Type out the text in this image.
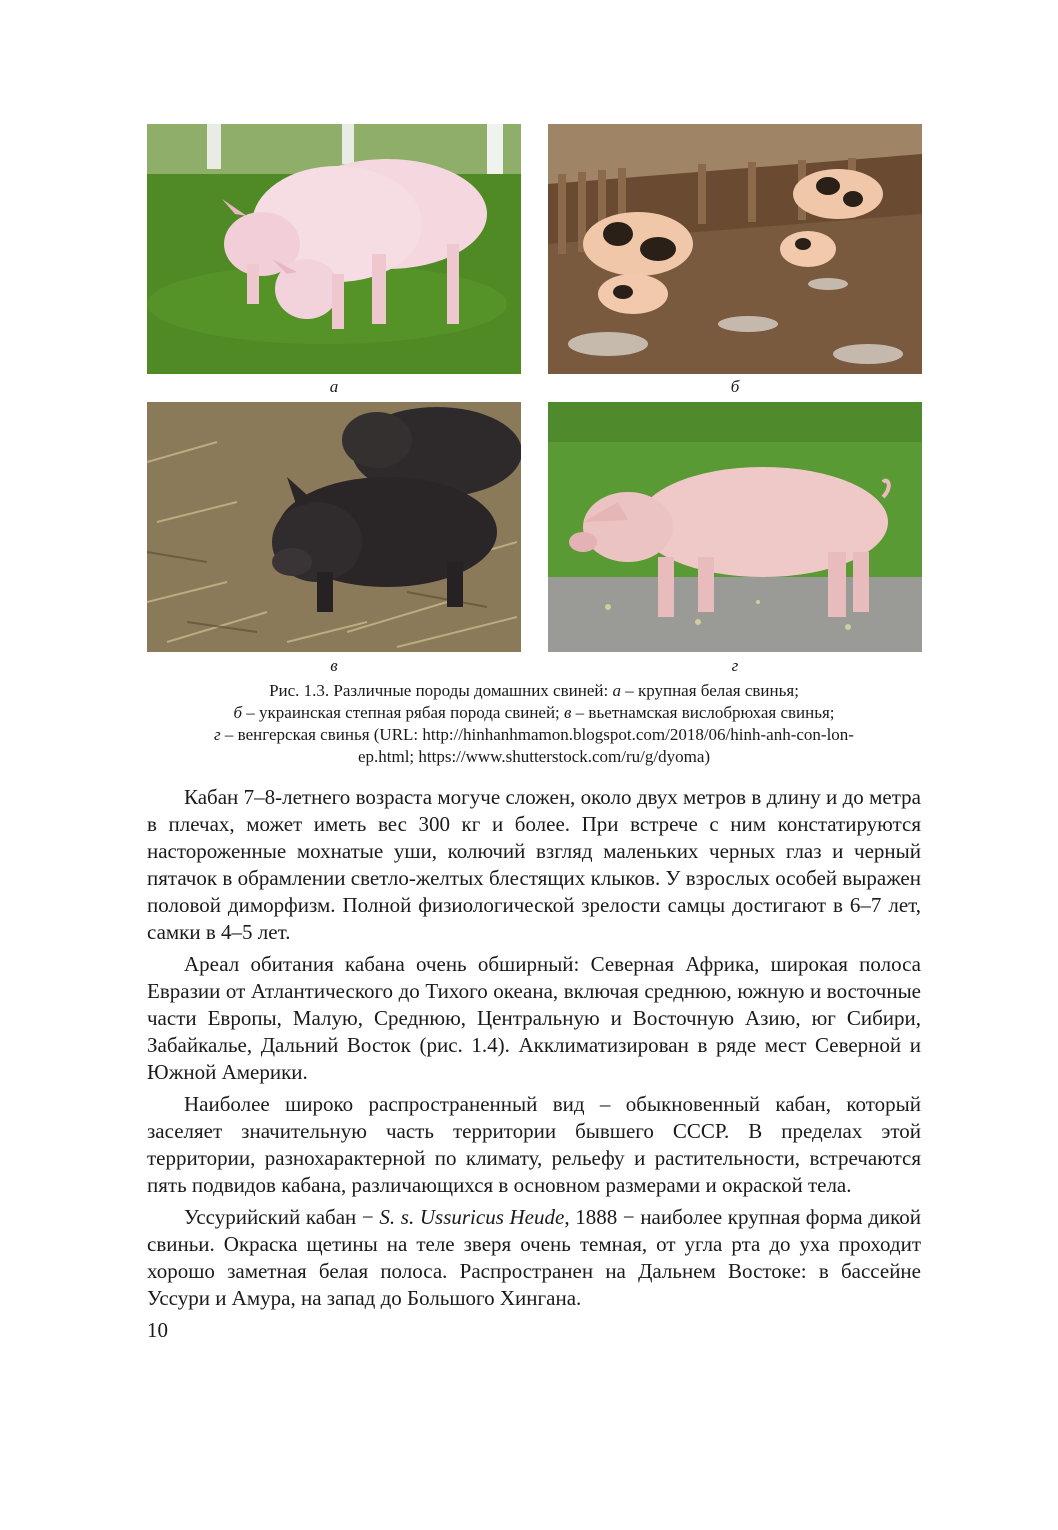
а	б
в	г
Рис. 1.3. Различные породы домашних свиней: а – крупная белая свинья;
б – украинская степная рябая порода свиней; в – вьетнамская вислобрюхая свинья;
г – венгерская свинья (URL: http://hinhanhmamon.blogspot.com/2018/06/hinh-anh-con-lon-
ep.html; https://www.shutterstock.com/ru/g/dyoma)

Кабан 7–8-летнего возраста могуче сложен, около двух метров в длину и до метра в плечах, может иметь вес 300 кг и более. При встрече с ним констатируются настороженные мохнатые уши, колючий взгляд маленьких черных глаз и черный пятачок в обрамлении светло-желтых блестящих клыков. У взрослых особей выражен половой диморфизм. Полной физиологической зрелости самцы достигают в 6–7 лет, самки в 4–5 лет.

Ареал обитания кабана очень обширный: Северная Африка, широкая полоса Евразии от Атлантического до Тихого океана, включая среднюю, южную и восточные части Европы, Малую, Среднюю, Центральную и Восточную Азию, юг Сибири, Забайкалье, Дальний Восток (рис. 1.4). Акклиматизирован в ряде мест Северной и Южной Америки.

Наиболее широко распространенный вид – обыкновенный кабан, который заселяет значительную часть территории бывшего СССР. В пределах этой территории, разнохарактерной по климату, рельефу и растительности, встречаются пять подвидов кабана, различающихся в основном размерами и окраской тела.

Уссурийский кабан − S. s. Ussuricus Heude, 1888 − наиболее крупная форма дикой свиньи. Окраска щетины на теле зверя очень темная, от угла рта до уха проходит хорошо заметная белая полоса. Распространен на Дальнем Востоке: в бассейне Уссури и Амура, на запад до Большого Хингана.

10
